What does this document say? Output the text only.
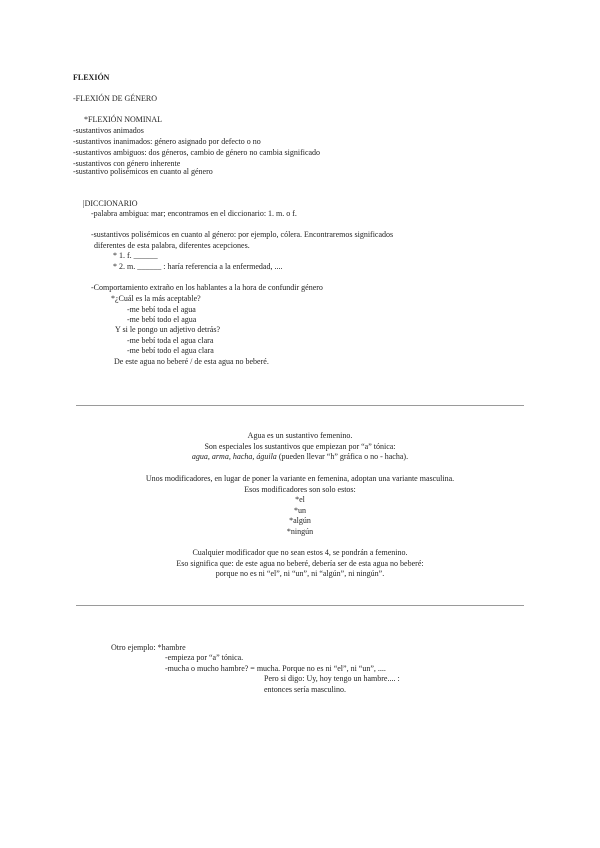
FLEXIÓN
-FLEXIÓN DE GÉNERO
*FLEXIÓN NOMINAL
-sustantivos animados
-sustantivos inanimados: género asignado por defecto o no
-sustantivos ambiguos: dos géneros, cambio de género no cambia significado
-sustantivos con género inherente
-sustantivo polisémicos en cuanto al género
|DICCIONARIO
-palabra ambigua: mar; encontramos en el diccionario: 1. m. o f.
-sustantivos polisémicos en cuanto al género: por ejemplo, cólera. Encontraremos significados
diferentes de esta palabra, diferentes acepciones.
* 1. f. ______
* 2. m. ______ : haría referencia a la enfermedad, ....
-Comportamiento extraño en los hablantes a la hora de confundir género
*¿Cuál es la más aceptable?
-me bebí toda el agua
-me bebí todo el agua
Y si le pongo un adjetivo detrás?
-me bebí toda el agua clara
-me bebí todo el agua clara
De este agua no beberé / de esta agua no beberé.
Agua es un sustantivo femenino.
Son especiales los sustantivos que empiezan por “a” tónica:
agua, arma, hacha, águila (pueden llevar “h” gráfica o no - hacha).
Unos modificadores, en lugar de poner la variante en femenina, adoptan una variante masculina.
Esos modificadores son solo estos:
*el
*un
*algún
*ningún
Cualquier modificador que no sean estos 4, se pondrán a femenino.
Eso significa que: de este agua no beberé, debería ser de esta agua no beberé:
porque no es ni “el”, ni “un”, ni “algún”, ni ningún”.
Otro ejemplo: *hambre
-empieza por “a” tónica.
-mucha o mucho hambre? = mucha. Porque no es ni “el”, ni “un”, ....
Pero si digo: Uy, hoy tengo un hambre.... :
entonces sería masculino.
